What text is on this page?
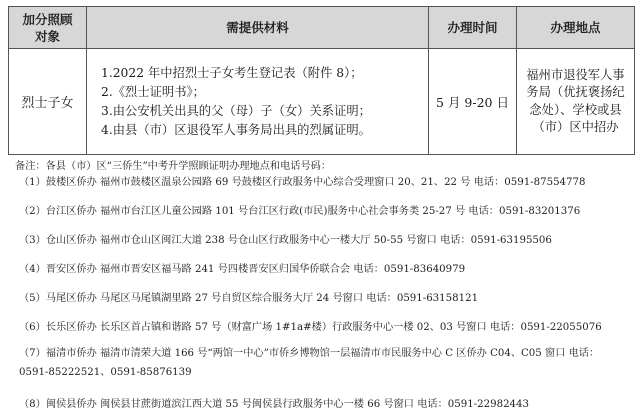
加分照顾对象	需提供材料	办理时间	办理地点
烈士子女	1.2022 年中招烈士子女考生登记表（附件 8）；
2.《烈士证明书》；
3.由公安机关出具的父（母）子（女）关系证明；
4.由县（市）区退役军人事务局出具的烈属证明。	5 月 9-20 日	福州市退役军人事务局（优抚褒扬纪念处）、学校或县（市）区中招办
备注：各县（市）区“三侨生”中考升学照顾证明办理地点和电话号码：
（1）鼓楼区侨办 福州市鼓楼区温泉公园路 69 号鼓楼区行政服务中心综合受理窗口 20、21、22 号 电话：0591-87554778
（2）台江区侨办 福州市台江区儿童公园路 101 号台江区行政(市民)服务中心社会事务类 25-27 号 电话：0591-83201376
（3）仓山区侨办 福州市仓山区闽江大道 238 号仓山区行政服务中心一楼大厅 50-55 号窗口 电话：0591-63195506
（4）晋安区侨办 福州市晋安区福马路 241 号四楼晋安区归国华侨联合会 电话：0591-83640979
（5）马尾区侨办 马尾区马尾镇湖里路 27 号自贸区综合服务大厅 24 号窗口 电话：0591-63158121
（6）长乐区侨办 长乐区首占镇和谐路 57 号（财富广场 1#1a#楼）行政服务中心一楼 02、03 号窗口 电话：0591-22055076
（7）福清市侨办 福清市清荣大道 166 号“两馆一中心”市侨乡博物馆一层福清市市民服务中心 C 区侨办 C04、C05 窗口 电话：
0591-85222521、0591-85876139
（8）闽侯县侨办 闽侯县甘蔗街道滨江西大道 55 号闽侯县行政服务中心一楼 66 号窗口 电话：0591-22982443
